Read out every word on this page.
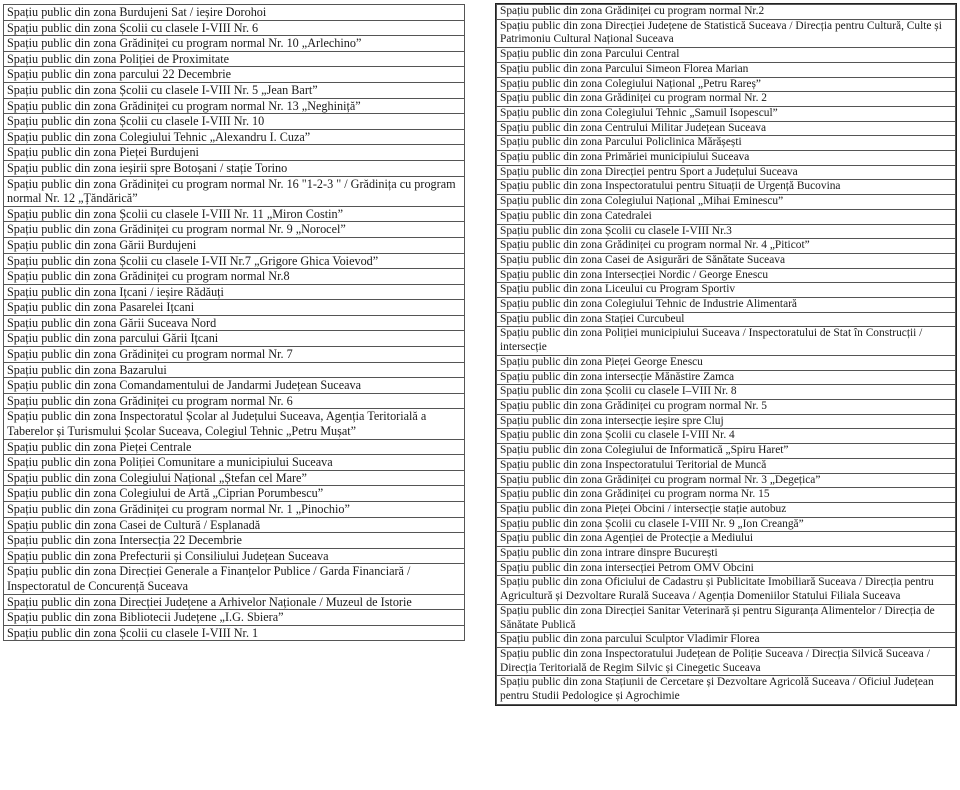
Spațiu public din zona Burdujeni Sat / ieșire Dorohoi
Spațiu public din zona Școlii cu clasele I-VIII Nr. 6
Spațiu public din zona Grădiniței cu program normal Nr. 10 „Arlechino”
Spațiu public din zona Poliției de Proximitate
Spațiu public din zona parcului 22 Decembrie
Spațiu public din zona Școlii cu clasele I-VIII Nr. 5 „Jean Bart”
Spațiu public din zona Grădiniței cu program normal Nr. 13 „Neghiniță”
Spațiu public din zona Școlii cu clasele I-VIII Nr. 10
Spațiu public din zona Colegiului Tehnic „Alexandru I. Cuza”
Spațiu public din zona Pieței Burdujeni
Spațiu public din zona ieșirii spre Botoșani / stație Torino
Spațiu public din zona Grădiniței cu program normal Nr. 16 "1-2-3 " / Grădinița cu program normal Nr. 12 „Țăndărică”
Spațiu public din zona Școlii cu clasele I-VIII Nr. 11 „Miron Costin”
Spațiu public din zona Grădiniței cu program normal Nr. 9 „Norocel”
Spațiu public din zona Gării Burdujeni
Spațiu public din zona Școlii cu clasele I-VII Nr.7 „Grigore Ghica Voievod”
Spațiu public din zona Grădiniței cu program normal Nr.8
Spațiu public din zona Ițcani / ieșire Rădăuți
Spațiu public din zona Pasarelei Ițcani
Spațiu public din zona Gării Suceava Nord
Spațiu public din zona parcului Gării Ițcani
Spațiu public din zona Grădiniței cu program normal Nr. 7
Spațiu public din zona Bazarului
Spațiu public din zona Comandamentului de Jandarmi Județean Suceava
Spațiu public din zona Grădiniței cu program normal Nr. 6
Spațiu public din zona Inspectoratul Școlar al Județului Suceava, Agenția Teritorială a Taberelor și Turismului Școlar Suceava, Colegiul Tehnic „Petru Mușat”
Spațiu public din zona Pieței Centrale
Spațiu public din zona Poliției Comunitare a municipiului Suceava
Spațiu public din zona Colegiului Național „Ștefan cel Mare”
Spațiu public din zona Colegiului de Artă „Ciprian Porumbescu”
Spațiu public din zona Grădiniței cu program normal Nr. 1 „Pinochio”
Spațiu public din zona Casei de Cultură / Esplanadă
Spațiu public din zona Intersecția 22 Decembrie
Spațiu public din zona Prefecturii și Consiliului Județean Suceava
Spațiu public din zona Direcției Generale a Finanțelor Publice / Garda Financiară / Inspectoratul de Concurență Suceava
Spațiu public din zona Direcției Județene a Arhivelor Naționale / Muzeul de Istorie
Spațiu public din zona Bibliotecii Județene „I.G. Sbiera”
Spațiu public din zona Școlii cu clasele I-VIII Nr. 1
Spațiu public din zona Grădiniței cu program normal Nr.2
Spațiu public din zona Direcției Județene de Statistică Suceava / Direcția pentru Cultură, Culte și Patrimoniu Cultural Național Suceava
Spațiu public din zona Parcului Central
Spațiu public din zona Parcului Simeon Florea Marian
Spațiu public din zona Colegiului Național „Petru Rareș”
Spațiu public din zona Grădiniței cu program normal Nr. 2
Spațiu public din zona Colegiului Tehnic „Samuil Isopescul”
Spațiu public din zona Centrului Militar Județean Suceava
Spațiu public din zona Parcului Policlinica Mărășești
Spațiu public din zona Primăriei municipiului Suceava
Spațiu public din zona Direcției pentru Sport a Județului Suceava
Spațiu public din zona Inspectoratului pentru Situații de Urgență Bucovina
Spațiu public din zona Colegiului Național „Mihai Eminescu”
Spațiu public din zona Catedralei
Spațiu public din zona Școlii cu clasele I-VIII Nr.3
Spațiu public din zona Grădiniței cu program normal Nr. 4 „Piticot”
Spațiu public din zona Casei de Asigurări de Sănătate Suceava
Spațiu public din zona Intersecției Nordic / George Enescu
Spațiu public din zona Liceului cu Program Sportiv
Spațiu public din zona Colegiului Tehnic de Industrie Alimentară
Spațiu public din zona Stației Curcubeul
Spațiu public din zona Poliției municipiului Suceava / Inspectoratului de Stat în Construcții / intersecție
Spațiu public din zona Pieței George Enescu
Spațiu public din zona intersecție Mănăstire Zamca
Spațiu public din zona Școlii cu clasele I–VIII Nr. 8
Spațiu public din zona Grădiniței cu program normal Nr. 5
Spațiu public din zona intersecție ieșire spre Cluj
Spațiu public din zona Școlii cu clasele I-VIII Nr. 4
Spațiu public din zona Colegiului de Informatică „Spiru Haret”
Spațiu public din zona Inspectoratului Teritorial de Muncă
Spațiu public din zona Grădiniței cu program normal Nr. 3 „Degețica”
Spațiu public din zona Grădiniței cu program norma Nr. 15
Spațiu public din zona Pieței Obcini / intersecție stație autobuz
Spațiu public din zona Școlii cu clasele I-VIII Nr. 9 „Ion Creangă”
Spațiu public din zona Agenției de Protecție a Mediului
Spațiu public din zona intrare dinspre București
Spațiu public din zona intersecției Petrom OMV Obcini
Spațiu public din zona Oficiului de Cadastru și Publicitate Imobiliară Suceava / Direcția pentru Agricultură și Dezvoltare Rurală Suceava / Agenția Domeniilor Statului Filiala Suceava
Spațiu public din zona Direcției Sanitar Veterinară și pentru Siguranța Alimentelor / Direcția de Sănătate Publică
Spațiu public din zona parcului Sculptor Vladimir Florea
Spațiu public din zona Inspectoratului Județean de Poliție Suceava / Direcția Silvică Suceava / Direcția Teritorială de Regim Silvic și Cinegetic Suceava
Spațiu public din zona Stațiunii de Cercetare și Dezvoltare Agricolă Suceava / Oficiul Județean pentru Studii Pedologice și Agrochimie
